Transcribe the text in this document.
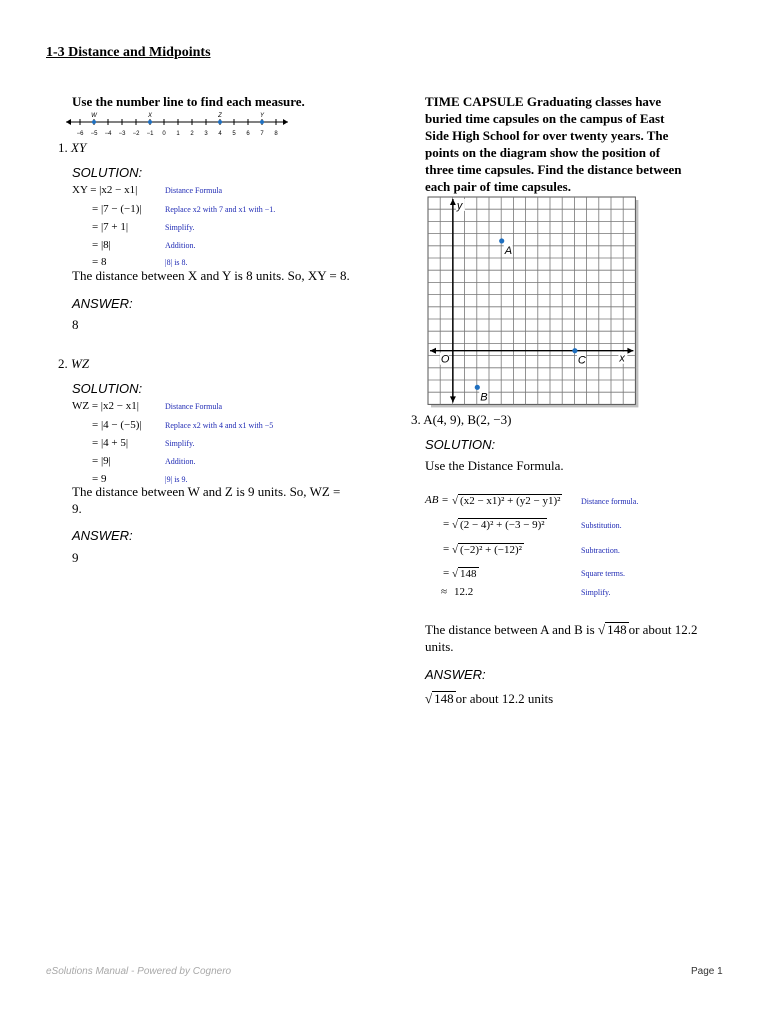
1-3 Distance and Midpoints
Use the number line to find each measure.
−6 −5 −4 −3 −2 −1 0 1 2 3 4 5 6 7 8
W	X	Z	Y
1. XY
SOLUTION:
XY = |x2 − x1|	Distance Formula
= |7 − (−1)|	Replace x2 with 7 and x1 with −1.
= |7 + 1|	Simplify.
= |8|	Addition.
= 8	|8| is 8.
The distance between X and Y is 8 units. So, XY = 8.
ANSWER:
8
2. WZ
SOLUTION:
WZ = |x2 − x1|	Distance Formula
= |4 − (−5)|	Replace x2 with 4 and x1 with −5
= |4 + 5|	Simplify.
= |9|	Addition.
= 9	|9| is 9.
The distance between W and Z is 9 units. So, WZ =
9.
ANSWER:
9
TIME CAPSULE Graduating classes have
buried time capsules on the campus of East
Side High School for over twenty years. The
points on the diagram show the position of
three time capsules. Find the distance between
each pair of time capsules.
y
x
O
A
B
C
3. A(4, 9), B(2, −3)
SOLUTION:
Use the Distance Formula.
AB = √ (x2 − x1)² + (y2 − y1)²	Distance formula.
= √ (2 − 4)² + (−3 − 9)²	Substitution.
= √ (−2)² + (−12)²	Subtraction.
= √ 148	Square terms.
≈ 12.2	Simplify.
The distance between A and B is √ 148 or about 12.2
units.
ANSWER:
√ 148 or about 12.2 units
eSolutions Manual - Powered by Cognero	Page 1
